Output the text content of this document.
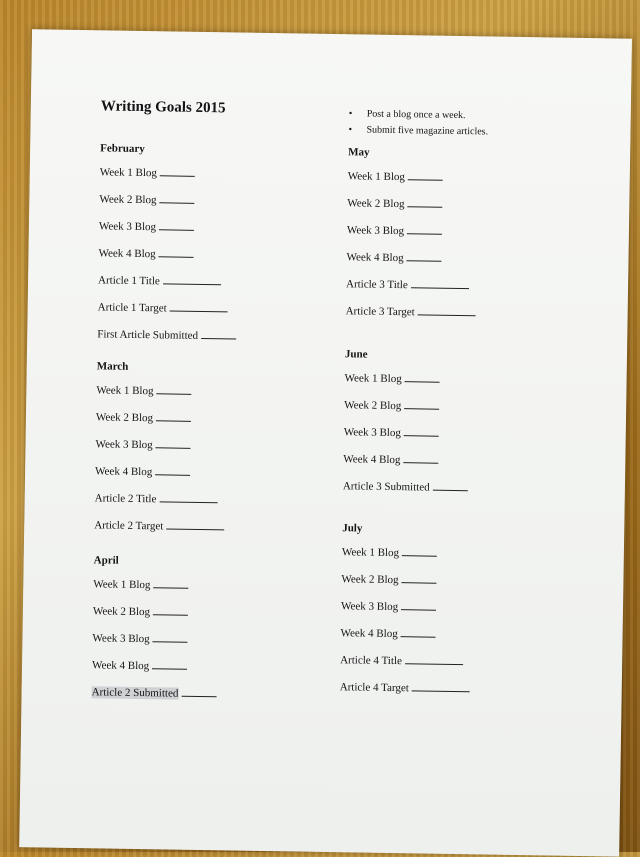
Writing Goals 2015	• Post a blog once a week.
• Submit five magazine articles.
February
Week 1 Blog
Week 2 Blog
Week 3 Blog
Week 4 Blog
Article 1 Title
Article 1 Target
First Article Submitted
March
Week 1 Blog
Week 2 Blog
Week 3 Blog
Week 4 Blog
Article 2 Title
Article 2 Target
April
Week 1 Blog
Week 2 Blog
Week 3 Blog
Week 4 Blog
Article 2 Submitted
May
Week 1 Blog
Week 2 Blog
Week 3 Blog
Week 4 Blog
Article 3 Title
Article 3 Target
June
Week 1 Blog
Week 2 Blog
Week 3 Blog
Week 4 Blog
Article 3 Submitted
July
Week 1 Blog
Week 2 Blog
Week 3 Blog
Week 4 Blog
Article 4 Title
Article 4 Target
